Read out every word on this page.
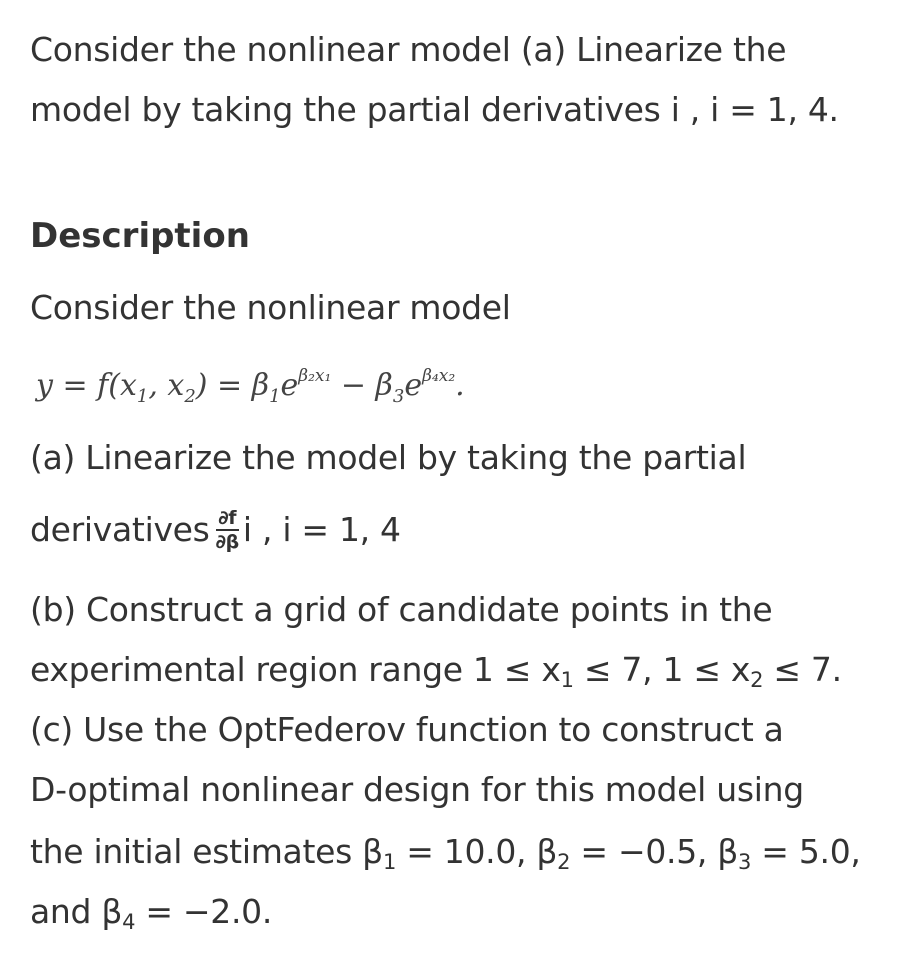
Consider the nonlinear model (a) Linearize the
model by taking the partial derivatives i , i = 1, 4.
Description
Consider the nonlinear model
$y = f(x_1$, $x_2) = \beta_1e^{\beta_2x_1} - \beta_3e^{\beta_4x_2}$.
(a) Linearize the model by taking the partial
derivatives $\frac{\partial f}{\partial\beta}$ i , i = 1, 4
(b) Construct a grid of candidate points in the
experimental region range $1 \le x_1 \le 7$, $1 \le x_2 \le 7$.
(c) Use the OptFederov function to construct a
D-optimal nonlinear design for this model using
the initial estimates $\beta_1 = 10.0$, $\beta_2 = -0.5$, $\beta_3 = 5.0$,
and $\beta_4 = -2.0$.
